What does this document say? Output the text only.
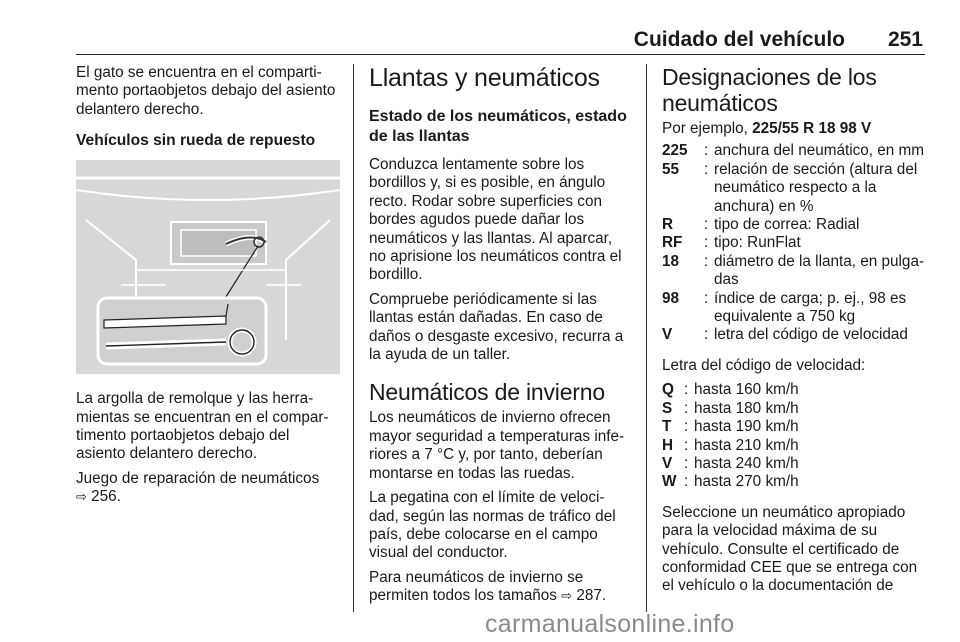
Cuidado del vehículo 251

El gato se encuentra en el comparti- mento portaobjetos debajo del asiento delantero derecho.

Vehículos sin rueda de repuesto

La argolla de remolque y las herra- mientas se encuentran en el compar- timento portaobjetos debajo del asiento delantero derecho.

Juego de reparación de neumáticos
⇨ 256.

Llantas y neumáticos
Estado de los neumáticos, estado de las llantas

Conduzca lentamente sobre los bordillos y, si es posible, en ángulo recto. Rodar sobre superficies con bordes agudos puede dañar los neumáticos y las llantas. Al aparcar, no aprisione los neumáticos contra el bordillo.

Compruebe periódicamente si las llantas están dañadas. En caso de daños o desgaste excesivo, recurra a la ayuda de un taller.

Neumáticos de invierno

Los neumáticos de invierno ofrecen mayor seguridad a temperaturas infe- riores a 7 °C y, por tanto, deberían montarse en todas las ruedas.

La pegatina con el límite de veloci- dad, según las normas de tráfico del país, debe colocarse en el campo visual del conductor.

Para neumáticos de invierno se permiten todos los tamaños ⇨ 287.

Designaciones de los neumáticos

Por ejemplo, 225/55 R 18 98 V

225	: anchura del neumático, en mm
55	: relación de sección (altura del neumático respecto a la anchura) en %
R	: tipo de correa: Radial
RF	: tipo: RunFlat
18	: diámetro de la llanta, en pulga- das
98	: índice de carga; p. ej., 98 es equivalente a 750 kg
V	: letra del código de velocidad

Letra del código de velocidad:

Q : hasta 160 km/h
S : hasta 180 km/h
T : hasta 190 km/h
H : hasta 210 km/h
V : hasta 240 km/h
W : hasta 270 km/h

Seleccione un neumático apropiado para la velocidad máxima de su vehículo. Consulte el certificado de conformidad CEE que se entrega con el vehículo o la documentación de

carmanualsonline.info
